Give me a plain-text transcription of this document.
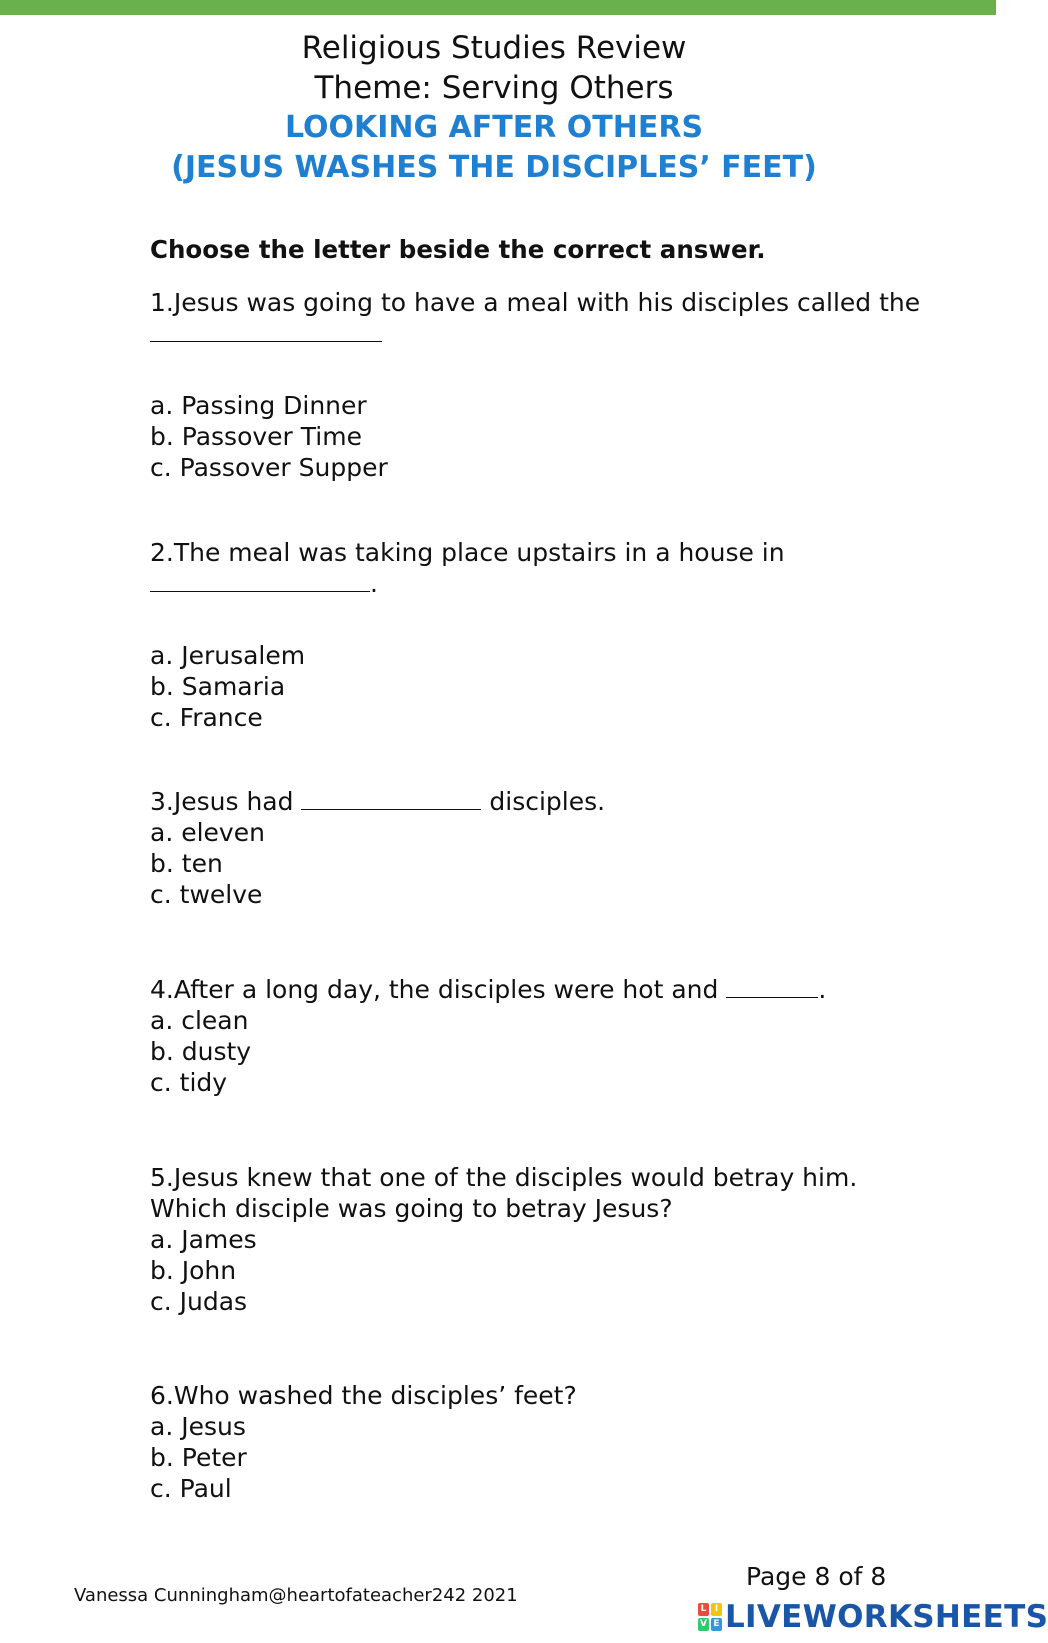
Religious Studies Review
Theme: Serving Others
LOOKING AFTER OTHERS
(JESUS WASHES THE DISCIPLES’ FEET)
Choose the letter beside the correct answer.
1.Jesus was going to have a meal with his disciples called the

a. Passing Dinner
b. Passover Time
c. Passover Supper
2.The meal was taking place upstairs in a house in
.
a. Jerusalem
b. Samaria
c. France
3.Jesus had	disciples.
a. eleven
b. ten
c. twelve
4.After a long day, the disciples were hot and	.
a. clean
b. dusty
c. tidy
5.Jesus knew that one of the disciples would betray him.
Which disciple was going to betray Jesus?
a. James
b. John
c. Judas
6.Who washed the disciples’ feet?
a. Jesus
b. Peter
c. Paul
Vanessa Cunningham@heartofateacher242 2021
Page 8 of 8
L I
V E LIVEWORKSHEETS
